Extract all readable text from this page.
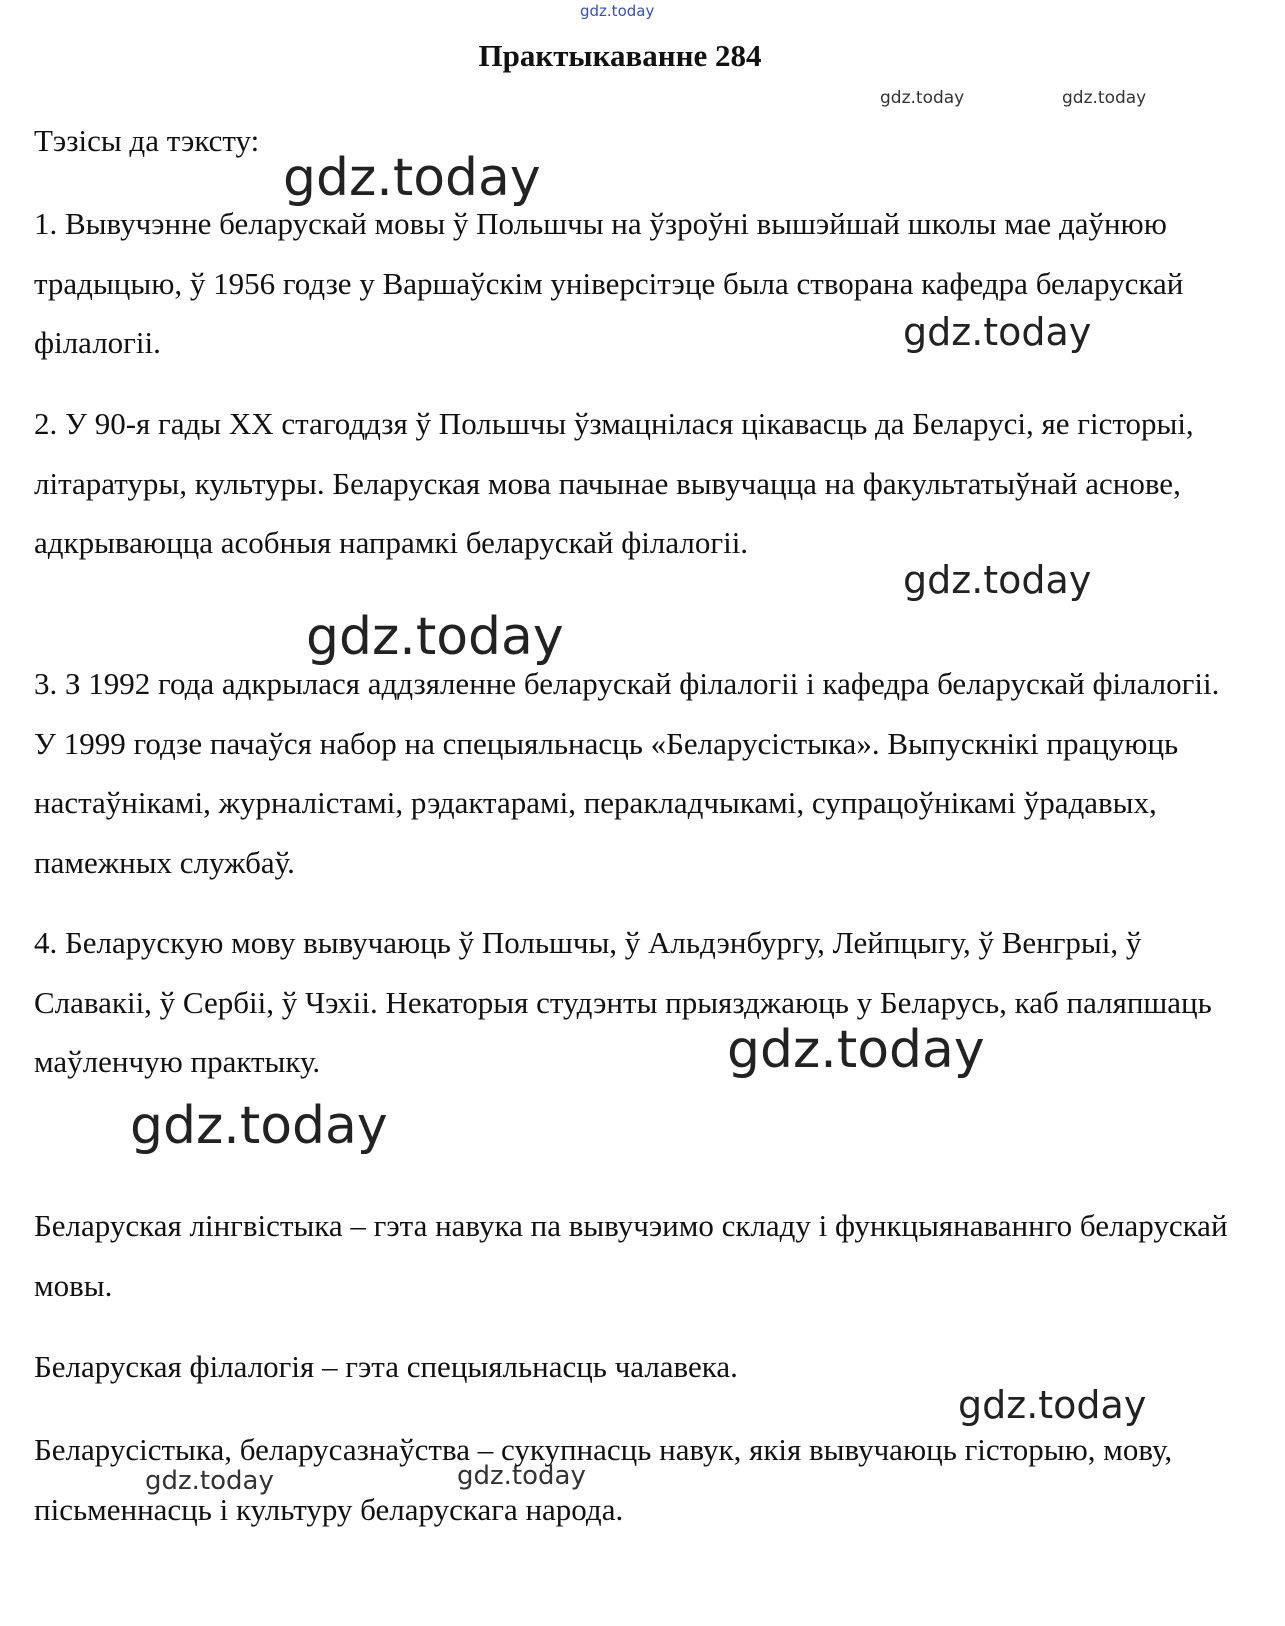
gdz.today
Практыкаванне 284
gdz.today	gdz.today
Тэзісы да тэксту:
gdz.today
1. Вывучэнне беларускай мовы ў Польшчы на ўзроўні вышэйшай школы мае даўнюю традыцыю, ў 1956 годзе у Варшаўскім універсітэце была створана кафедра беларускай філалогіі.	gdz.today
2. У 90-я гады XX стагоддзя ў Польшчы ўзмацнілася цікавасць да Беларусі, яе гісторыі, літаратуры, культуры. Беларуская мова пачынае вывучацца на факультатыўнай аснове, адкрываюцца асобныя напрамкі беларускай філалогіі.
gdz.today
gdz.today
3. З 1992 года адкрылася аддзяленне беларускай філалогіі і кафедра беларускай філалогіі. У 1999 годзе пачаўся набор на спецыяльнасць «Беларусістыка». Выпускнікі працуюць настаўнікамі, журналістамі, рэдактарамі, перакладчыкамі, супрацоўнікамі ўрадавых, памежных службаў.
4. Беларускую мову вывучаюць ў Польшчы, ў Альдэнбургу, Лейпцыгу, ў Венгрыі, ў Славакіі, ў Сербіі, ў Чэхіі. Некаторыя студэнты прыязджаюць у Беларусь, каб паляпшаць маўленчую практыку.	gdz.today
gdz.today
Беларуская лінгвістыка – гэта навука па вывучэимо складу і функцыянаваннго беларускай мовы.
Беларуская філалогія – гэта спецыяльнасць чалавека.
gdz.today
Беларусістыка, беларусазнаўства – сукупнасць навук, якія вывучаюць гісторыю, мову, пісьменнасць і культуру беларускага народа.
gdz.today	gdz.today
